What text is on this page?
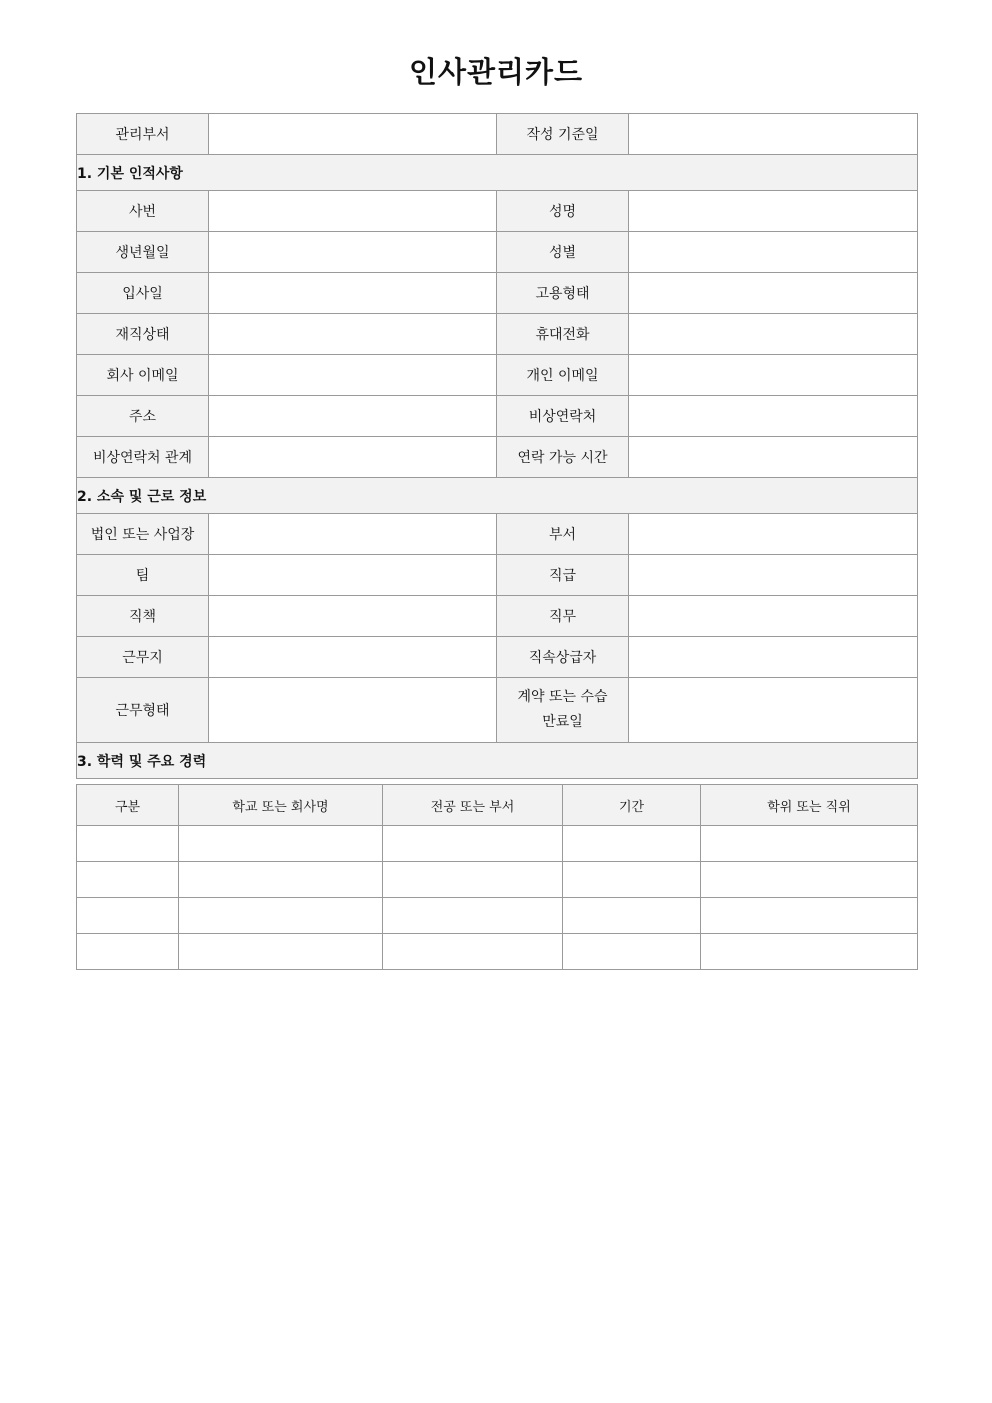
인사관리카드
관리부서		작성 기준일	
1. 기본 인적사항			
사번		성명	
생년월일		성별	
입사일		고용형태	
재직상태		휴대전화	
회사 이메일		개인 이메일	
주소		비상연락처	
비상연락처 관계		연락 가능 시간	
2. 소속 및 근로 정보			
법인 또는 사업장		부서	
팀		직급	
직책		직무	
근무지		직속상급자	
근무형태		계약 또는 수습
만료일	

3. 학력 및 주요 경력			
구분	학교 또는 회사명	전공 또는 부서	기간	학위 또는 직위
